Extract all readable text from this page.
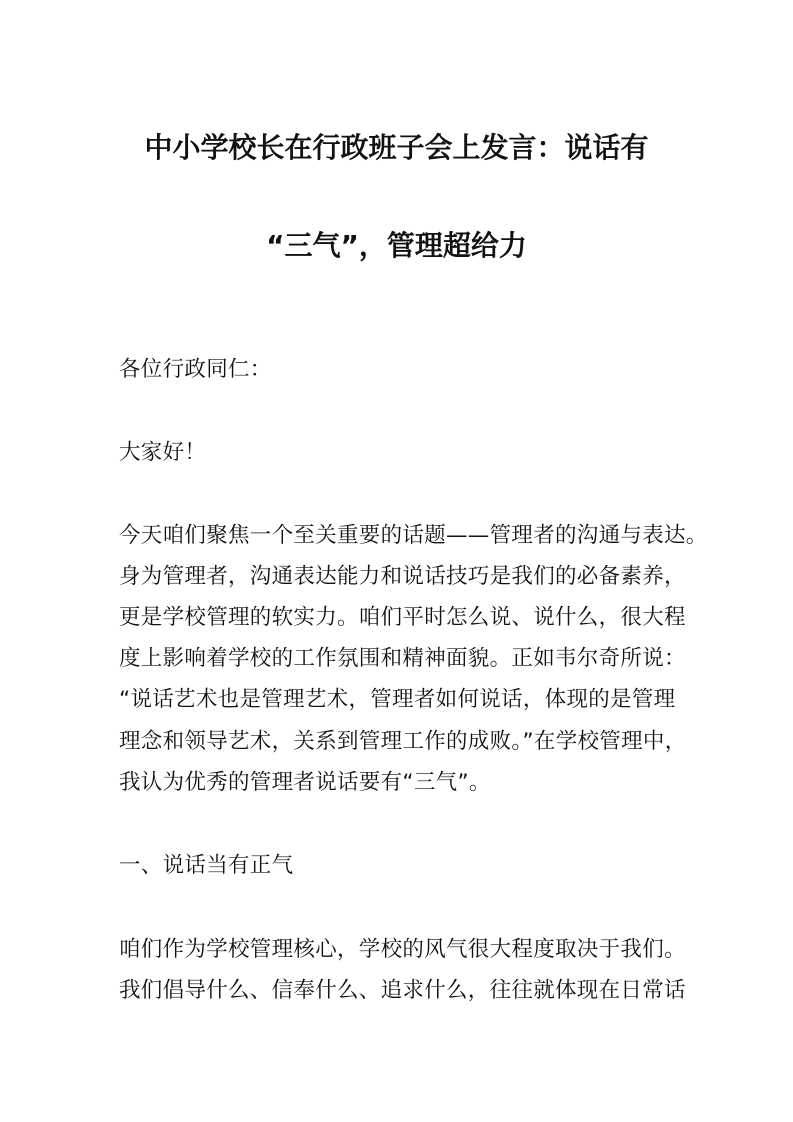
中小学校长在行政班子会上发言：说话有
“三气”，管理超给力
各位行政同仁：
大家好！
今天咱们聚焦一个至关重要的话题——管理者的沟通与表达。
身为管理者，沟通表达能力和说话技巧是我们的必备素养，
更是学校管理的软实力。咱们平时怎么说、说什么，很大程
度上影响着学校的工作氛围和精神面貌。正如韦尔奇所说：
“说话艺术也是管理艺术，管理者如何说话，体现的是管理
理念和领导艺术，关系到管理工作的成败。”在学校管理中，
我认为优秀的管理者说话要有“三气”。
一、说话当有正气
咱们作为学校管理核心，学校的风气很大程度取决于我们。
我们倡导什么、信奉什么、追求什么，往往就体现在日常话
